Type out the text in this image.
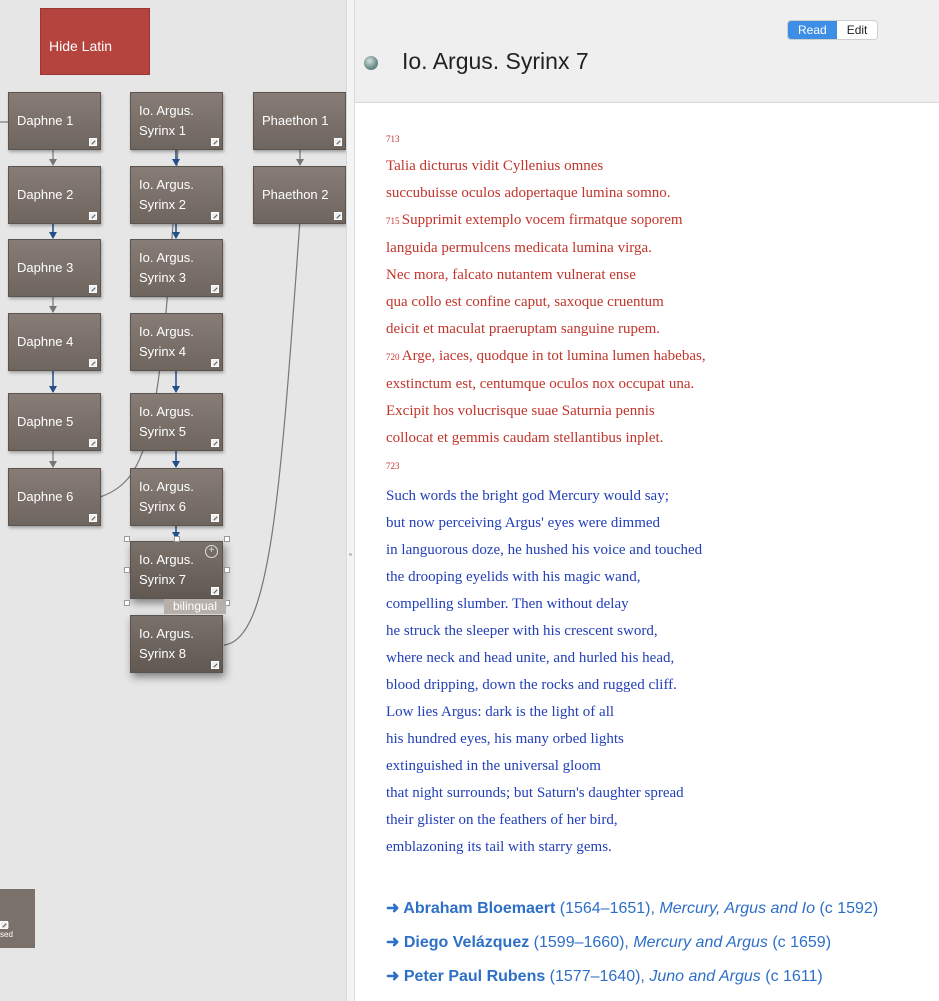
Hide Latin
Daphne 1
Daphne 2
Daphne 3
Daphne 4
Daphne 5
Daphne 6
Io. Argus.
Syrinx 1
Io. Argus.
Syrinx 2
Io. Argus.
Syrinx 3
Io. Argus.
Syrinx 4
Io. Argus.
Syrinx 5
Io. Argus.
Syrinx 6
Io. Argus.
Syrinx 7
+
Io. Argus.
Syrinx 8
Phaethon 1
Phaethon 2
bilingual

sed
Read	Edit
Io. Argus. Syrinx 7
713
Talia dicturus vidit Cyllenius omnes
succubuisse oculos adopertaque lumina somno.
715 Supprimit extemplo vocem firmatque soporem
languida permulcens medicata lumina virga.
Nec mora, falcato nutantem vulnerat ense
qua collo est confine caput, saxoque cruentum
deicit et maculat praeruptam sanguine rupem.
720 Arge, iaces, quodque in tot lumina lumen habebas,
exstinctum est, centumque oculos nox occupat una.
Excipit hos volucrisque suae Saturnia pennis
collocat et gemmis caudam stellantibus inplet.
723
Such words the bright god Mercury would say;
but now perceiving Argus' eyes were dimmed
in languorous doze, he hushed his voice and touched
the drooping eyelids with his magic wand,
compelling slumber. Then without delay
he struck the sleeper with his crescent sword,
where neck and head unite, and hurled his head,
blood dripping, down the rocks and rugged cliff.
Low lies Argus: dark is the light of all
his hundred eyes, his many orbed lights
extinguished in the universal gloom
that night surrounds; but Saturn's daughter spread
their glister on the feathers of her bird,
emblazoning its tail with starry gems.
➜ Abraham Bloemaert (1564–1651), Mercury, Argus and Io (c 1592)
➜ Diego Velázquez (1599–1660), Mercury and Argus (c 1659)
➜ Peter Paul Rubens (1577–1640), Juno and Argus (c 1611)
